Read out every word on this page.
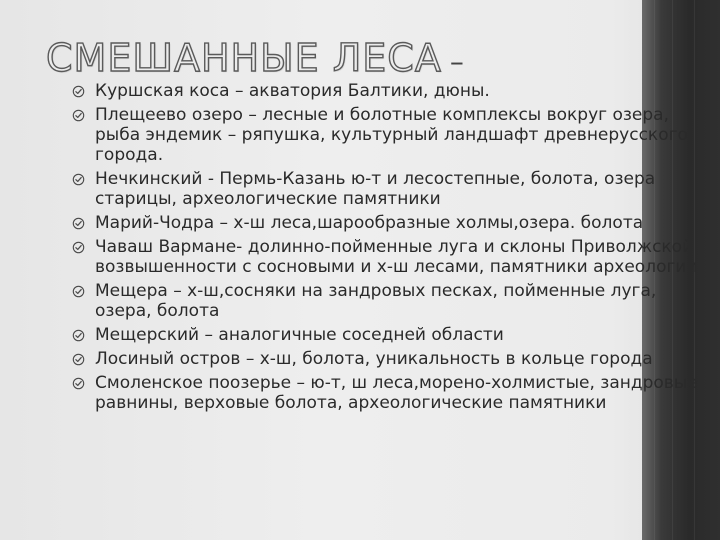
СМЕШАННЫЕ ЛЕСА –
Куршская коса – акватория Балтики, дюны.
Плещеево озеро – лесные и болотные комплексы вокруг озера, рыба эндемик – ряпушка, культурный ландшафт древнерусского города.
Нечкинский - Пермь-Казань ю-т и лесостепные, болота, озера старицы, археологические памятники
Марий-Чодра – х-ш леса,шарообразные холмы,озера. болота
Чаваш Вармане- долинно-пойменные луга и склоны Приволжской возвышенности с сосновыми и х-ш лесами, памятники археологии
Мещера – х-ш,сосняки на зандровых песках, пойменные луга, озера, болота
Мещерский – аналогичные соседней области
Лосиный остров – х-ш, болота, уникальность в кольце города
Смоленское поозерье – ю-т, ш леса,морено-холмистые, зандровые равнины, верховые болота, археологические памятники
